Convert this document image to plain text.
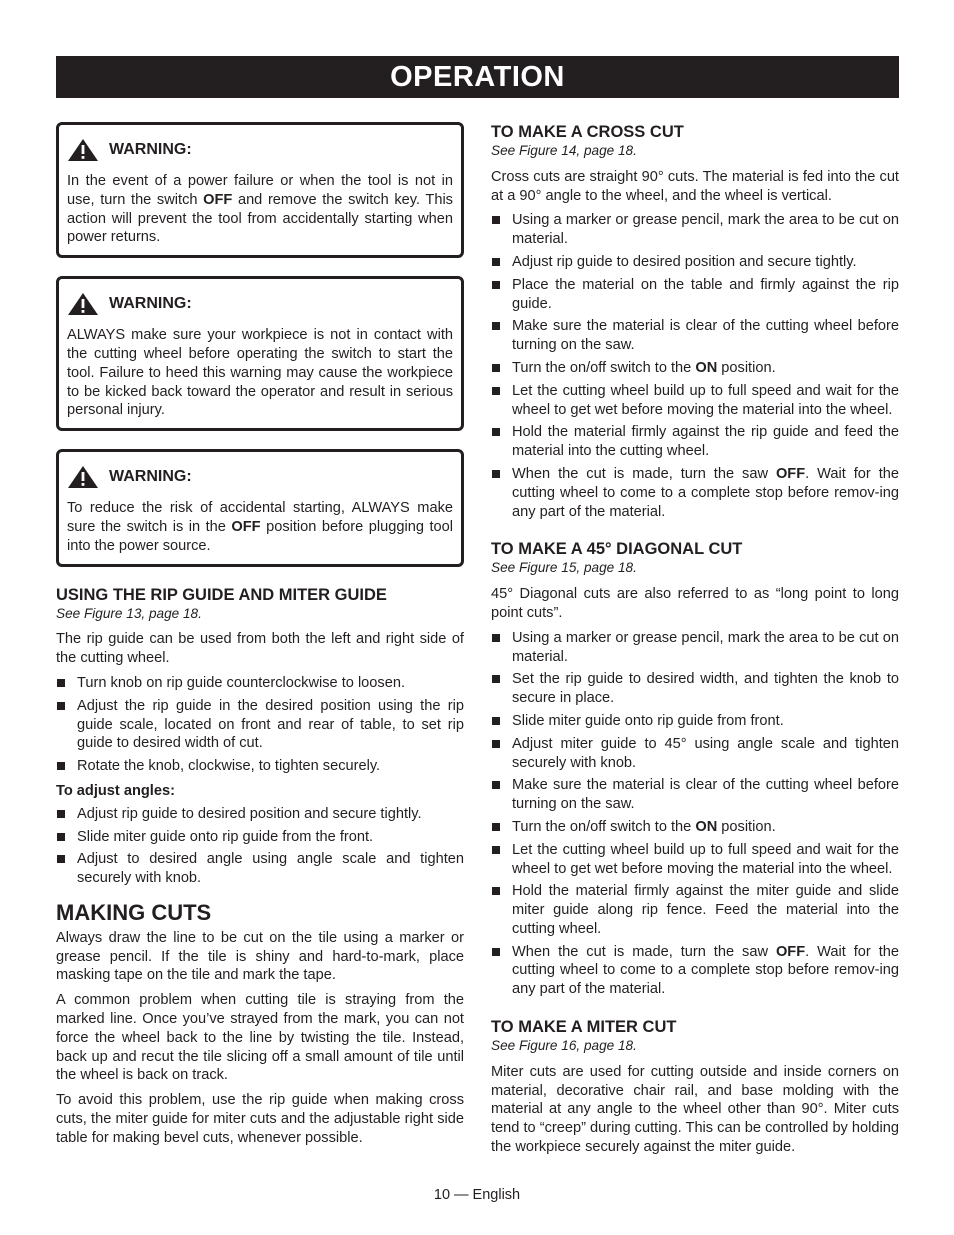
OPERATION
WARNING:

In the event of a power failure or when the tool is not in use, turn the switch OFF and remove the switch key. This action will prevent the tool from accidentally starting when power returns.

WARNING:

ALWAYS make sure your workpiece is not in contact with the cutting wheel before operating the switch to start the tool. Failure to heed this warning may cause the workpiece to be kicked back toward the operator and result in serious personal injury.

WARNING:

To reduce the risk of accidental starting, ALWAYS make sure the switch is in the OFF position before plugging tool into the power source.

USING THE RIP GUIDE AND MITER GUIDE
See Figure 13, page 18.

The rip guide can be used from both the left and right side of the cutting wheel.

Turn knob on rip guide counterclockwise to loosen.
Adjust the rip guide in the desired position using the rip guide scale, located on front and rear of table, to set rip guide to desired width of cut.
Rotate the knob, clockwise, to tighten securely.
To adjust angles:
Adjust rip guide to desired position and secure tightly.
Slide miter guide onto rip guide from the front.
Adjust to desired angle using angle scale and tighten securely with knob.
MAKING CUTS

Always draw the line to be cut on the tile using a marker or grease pencil. If the tile is shiny and hard-to-mark, place masking tape on the tile and mark the tape.

A common problem when cutting tile is straying from the marked line. Once you’ve strayed from the mark, you can not force the wheel back to the line by twisting the tile. Instead, back up and recut the tile slicing off a small amount of tile until the wheel is back on track.

To avoid this problem, use the rip guide when making cross cuts, the miter guide for miter cuts and the adjustable right side table for making bevel cuts, whenever possible.

TO MAKE A CROSS CUT
See Figure 14, page 18.

Cross cuts are straight 90° cuts. The material is fed into the cut at a 90° angle to the wheel, and the wheel is vertical.

Using a marker or grease pencil, mark the area to be cut on material.
Adjust rip guide to desired position and secure tightly.
Place the material on the table and firmly against the rip guide.
Make sure the material is clear of the cutting wheel before turning on the saw.
Turn the on/off switch to the ON position.
Let the cutting wheel build up to full speed and wait for the wheel to get wet before moving the material into the wheel.
Hold the material firmly against the rip guide and feed the material into the cutting wheel.
When the cut is made, turn the saw OFF. Wait for the cutting wheel to come to a complete stop before remov-ing any part of the material.
TO MAKE A 45° DIAGONAL CUT
See Figure 15, page 18.

45° Diagonal cuts are also referred to as “long point to long point cuts”.

Using a marker or grease pencil, mark the area to be cut on material.
Set the rip guide to desired width, and tighten the knob to secure in place.
Slide miter guide onto rip guide from front.
Adjust miter guide to 45° using angle scale and tighten securely with knob.
Make sure the material is clear of the cutting wheel before turning on the saw.
Turn the on/off switch to the ON position.
Let the cutting wheel build up to full speed and wait for the wheel to get wet before moving the material into the wheel.
Hold the material firmly against the miter guide and slide miter guide along rip fence. Feed the material into the cutting wheel.
When the cut is made, turn the saw OFF. Wait for the cutting wheel to come to a complete stop before remov-ing any part of the material.
TO MAKE A MITER CUT
See Figure 16, page 18.

Miter cuts are used for cutting outside and inside corners on material, decorative chair rail, and base molding with the material at any angle to the wheel other than 90°. Miter cuts tend to “creep” during cutting. This can be controlled by holding the workpiece securely against the miter guide.

10 — English
